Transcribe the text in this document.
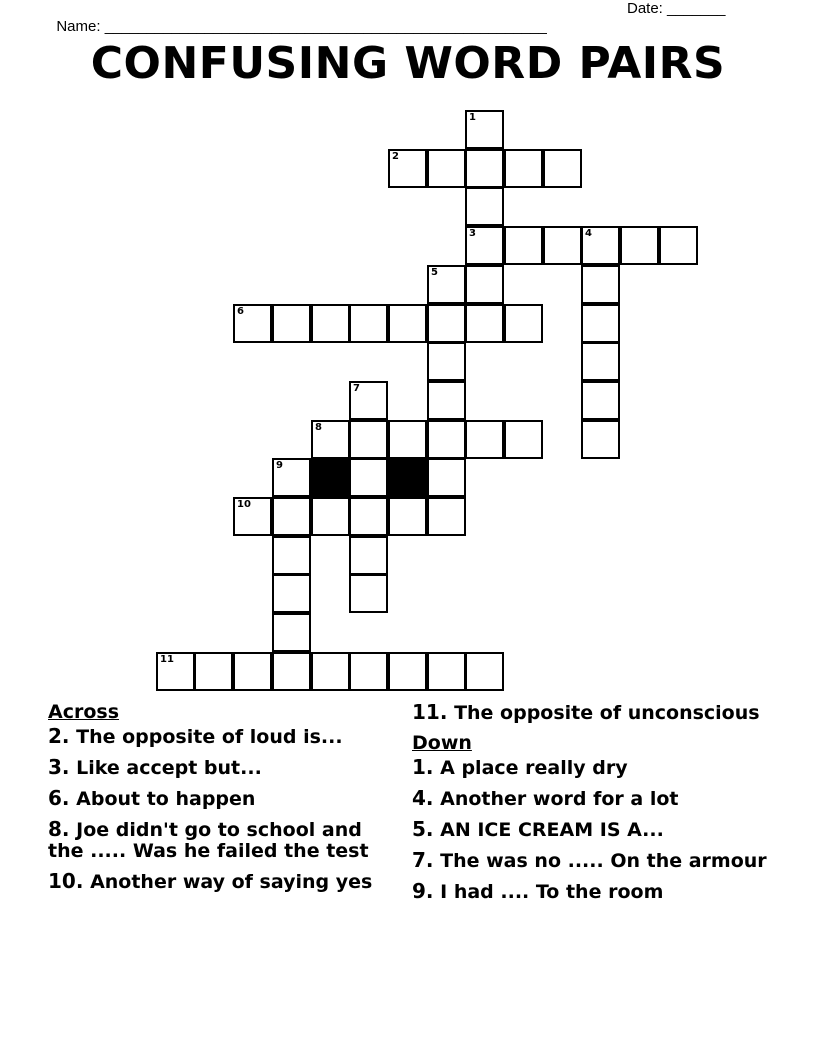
Name: _____________________________________________________

Date: _______

CONFUSING WORD PAIRS
1
3
2
4
5
6
7
8
9
10
11
Across
2. The opposite of loud is...
3. Like accept but...
6. About to happen
8. Joe didn't go to school and the ..... Was he failed the test
10. Another way of saying yes
11. The opposite of unconscious
Down
1. A place really dry
4. Another word for a lot
5. AN ICE CREAM IS A...
7. The was no ..... On the armour
9. I had .... To the room
